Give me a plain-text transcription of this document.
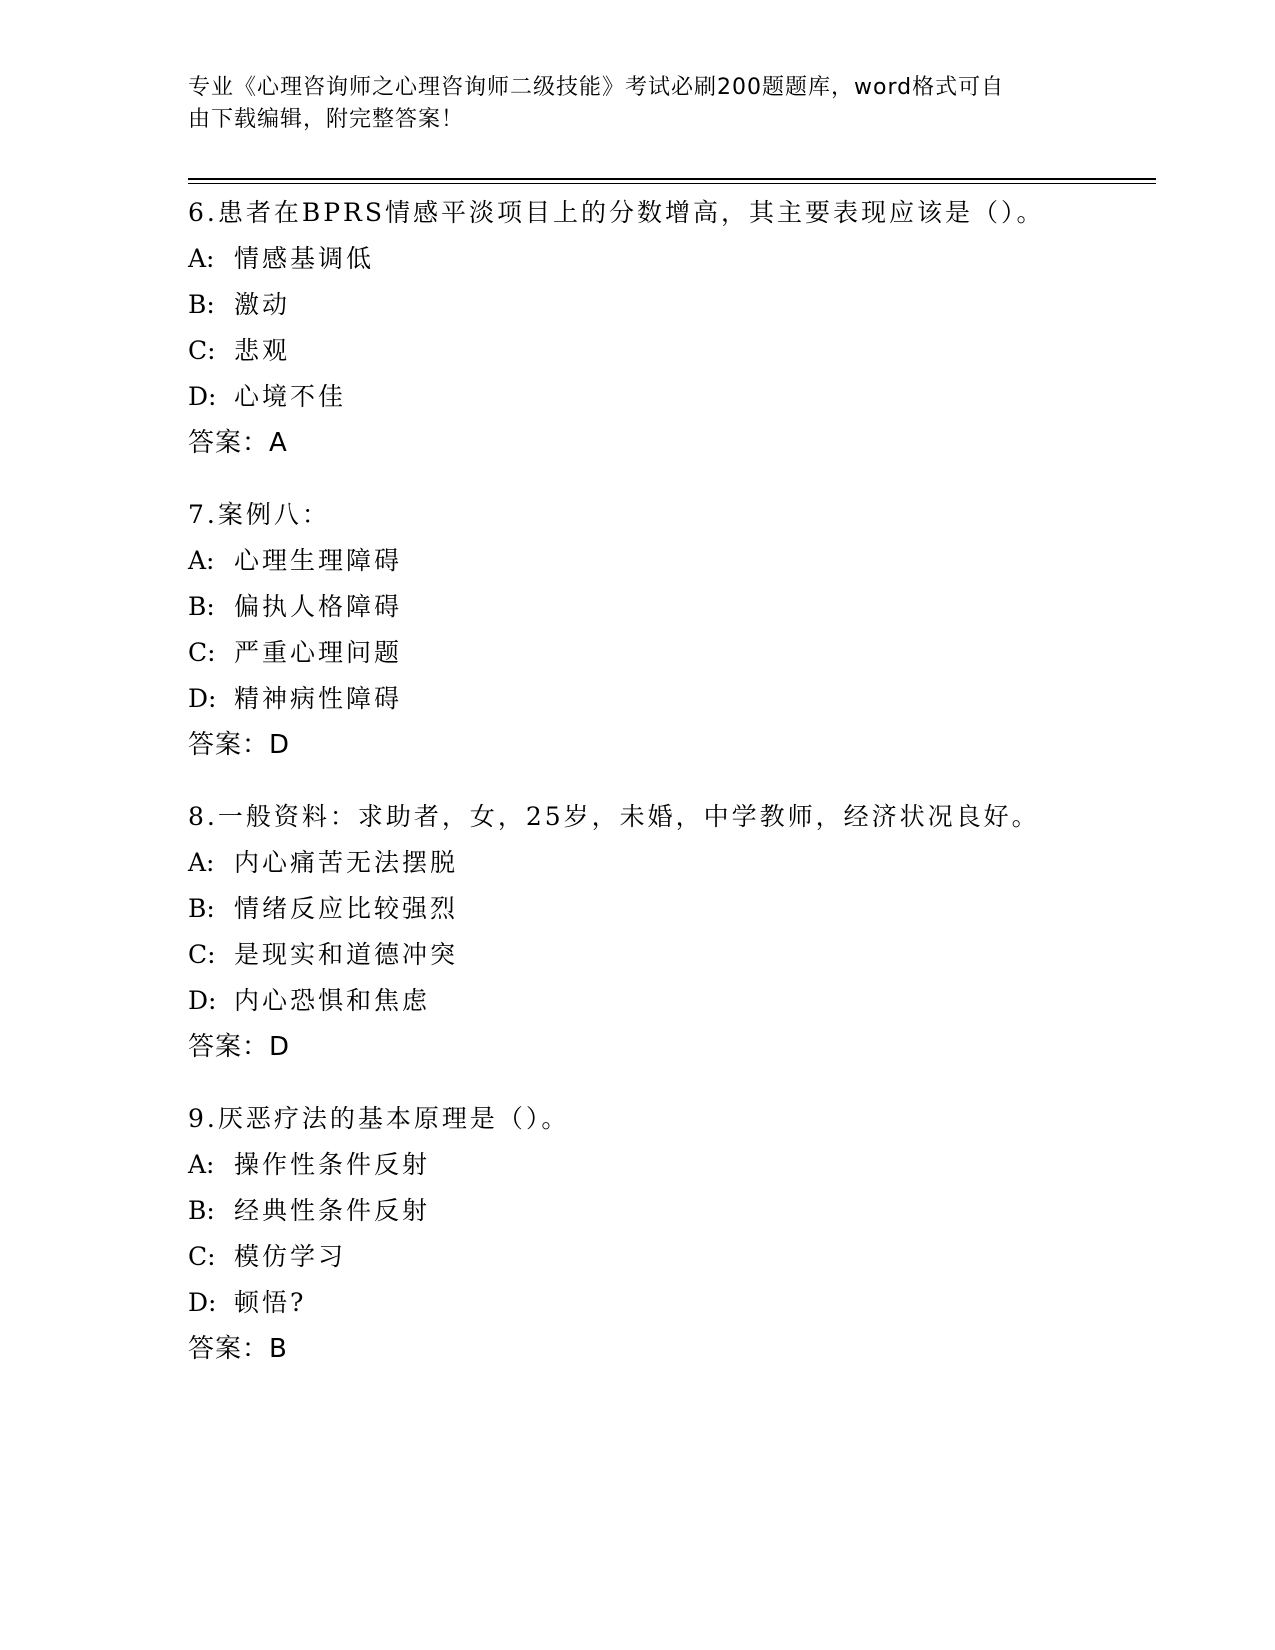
专业《心理咨询师之心理咨询师二级技能》考试必刷200题题库，word格式可自
由下载编辑，附完整答案！
6.患者在BPRS情感平淡项目上的分数增高，其主要表现应该是（）。
A: 情感基调低
B: 激动
C: 悲观
D: 心境不佳
答案：A
7.案例八：
A: 心理生理障碍
B: 偏执人格障碍
C: 严重心理问题
D: 精神病性障碍
答案：D
8.一般资料：求助者，女，25岁，未婚，中学教师，经济状况良好。
A: 内心痛苦无法摆脱
B: 情绪反应比较强烈
C: 是现实和道德冲突
D: 内心恐惧和焦虑
答案：D
9.厌恶疗法的基本原理是（）。
A: 操作性条件反射
B: 经典性条件反射
C: 模仿学习
D: 顿悟?
答案：B
